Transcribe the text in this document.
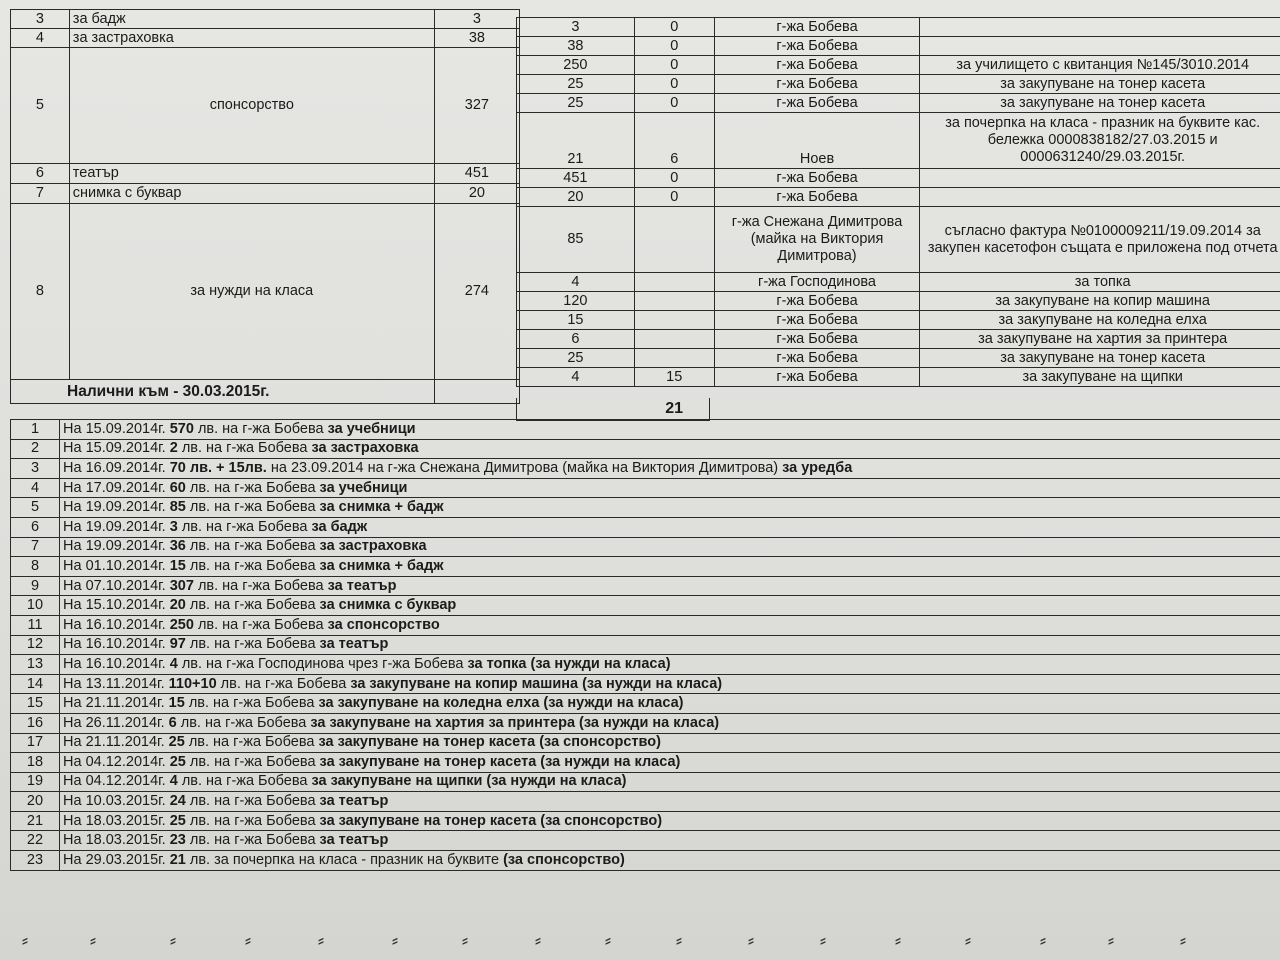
3	за бадж	3
4	за застраховка	38
5	спонсорство	327
6	театър	451
7	снимка с буквар	20
8	за нужди на класа	274
Налични към - 30.03.2015г.		
3	0	г-жа Бобева	
38	0	г-жа Бобева	
250	0	г-жа Бобева	за училището с квитанция №145/3010.2014
25	0	г-жа Бобева	за закупуване на тонер касета
25	0	г-жа Бобева	за закупуване на тонер касета
21	6	Ноев	за почерпка на класа - празник на буквите кас. бележка 0000838182/27.03.2015 и 0000631240/29.03.2015г.
451	0	г-жа Бобева	
20	0	г-жа Бобева	
85		г-жа Снежана Димитрова (майка на Виктория Димитрова)	съгласно фактура №0100009211/19.09.2014 за закупен касетофон същата е приложена под отчета
4		г-жа Господинова	за топка
120		г-жа Бобева	за закупуване на копир машина
15		г-жа Бобева	за закупуване на коледна елха
6		г-жа Бобева	за закупуване на хартия за принтера
25		г-жа Бобева	за закупуване на тонер касета
4	15	г-жа Бобева	за закупуване на щипки
21
1	На 15.09.2014г. 570 лв. на г-жа Бобева за учебници
2	На 15.09.2014г. 2 лв. на г-жа Бобева за застраховка
3	На 16.09.2014г. 70 лв. + 15лв. на 23.09.2014 на г-жа Снежана Димитрова (майка на Виктория Димитрова) за уредба
4	На 17.09.2014г. 60 лв. на г-жа Бобева за учебници
5	На 19.09.2014г. 85 лв. на г-жа Бобева за снимка + бадж
6	На 19.09.2014г. 3 лв. на г-жа Бобева за бадж
7	На 19.09.2014г. 36 лв. на г-жа Бобева за застраховка
8	На 01.10.2014г. 15 лв. на г-жа Бобева за снимка + бадж
9	На 07.10.2014г. 307 лв. на г-жа Бобева за театър
10	На 15.10.2014г. 20 лв. на г-жа Бобева за снимка с буквар
11	На 16.10.2014г. 250 лв. на г-жа Бобева за спонсорство
12	На 16.10.2014г. 97 лв. на г-жа Бобева за театър
13	На 16.10.2014г. 4 лв. на г-жа Господинова чрез г-жа Бобева за топка (за нужди на класа)
14	На 13.11.2014г. 110+10 лв. на г-жа Бобева за закупуване на копир машина (за нужди на класа)
15	На 21.11.2014г. 15 лв. на г-жа Бобева за закупуване на коледна елха (за нужди на класа)
16	На 26.11.2014г. 6 лв. на г-жа Бобева за закупуване на хартия за принтера (за нужди на класа)
17	На 21.11.2014г. 25 лв. на г-жа Бобева за закупуване на тонер касета (за спонсорство)
18	На 04.12.2014г. 25 лв. на г-жа Бобева за закупуване на тонер касета (за нужди на класа)
19	На 04.12.2014г. 4 лв. на г-жа Бобева за закупуване на щипки (за нужди на класа)
20	На 10.03.2015г. 24 лв. на г-жа Бобева за театър
21	На 18.03.2015г. 25 лв. на г-жа Бобева за закупуване на тонер касета (за спонсорство)
22	На 18.03.2015г. 23 лв. на г-жа Бобева за театър
23	На 29.03.2015г. 21 лв. за почерпка на класа - празник на буквите (за спонсорство)
⸗	⸗	⸗	⸗	⸗	⸗	⸗	⸗	⸗	⸗	⸗	⸗	⸗	⸗	⸗	⸗	⸗
